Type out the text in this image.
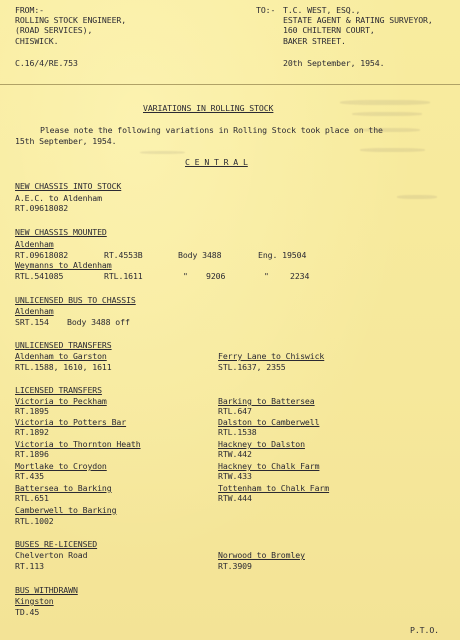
FROM:-
ROLLING STOCK ENGINEER,
(ROAD SERVICES),
CHISWICK.
C.16/4/RE.753
TO:- T.C. WEST, ESQ.,
ESTATE AGENT & RATING SURVEYOR,
160 CHILTERN COURT,
BAKER STREET.
20th September, 1954.
VARIATIONS IN ROLLING STOCK
Please note the following variations in Rolling Stock took place on the
15th September, 1954.
C E N T R A L
NEW CHASSIS INTO STOCK
A.E.C. to Aldenham
RT.09618082
NEW CHASSIS MOUNTED
Aldenham
RT.09618082	RT.4553B	Body 3488	Eng. 19504
Weymanns to Aldenham
RTL.541085	RTL.1611	" 9206	"	2234
UNLICENSED BUS TO CHASSIS
Aldenham
SRT.154 Body 3488 off
UNLICENSED TRANSFERS
Aldenham to Garston
RTL.1588, 1610, 1611
Ferry Lane to Chiswick
STL.1637, 2355
LICENSED TRANSFERS
Victoria to Peckham
RT.1895
Victoria to Potters Bar
RT.1892
Victoria to Thornton Heath
RT.1896
Mortlake to Croydon
RT.435
Battersea to Barking
RTL.651
Camberwell to Barking
RTL.1002
Barking to Battersea
RTL.647
Dalston to Camberwell
RTL.1538
Hackney to Dalston
RTW.442
Hackney to Chalk Farm
RTW.433
Tottenham to Chalk Farm
RTW.444
BUSES RE-LICENSED
Chelverton Road
RT.113
Norwood to Bromley
RT.3909
BUS WITHDRAWN
Kingston
TD.45
P.T.O.
